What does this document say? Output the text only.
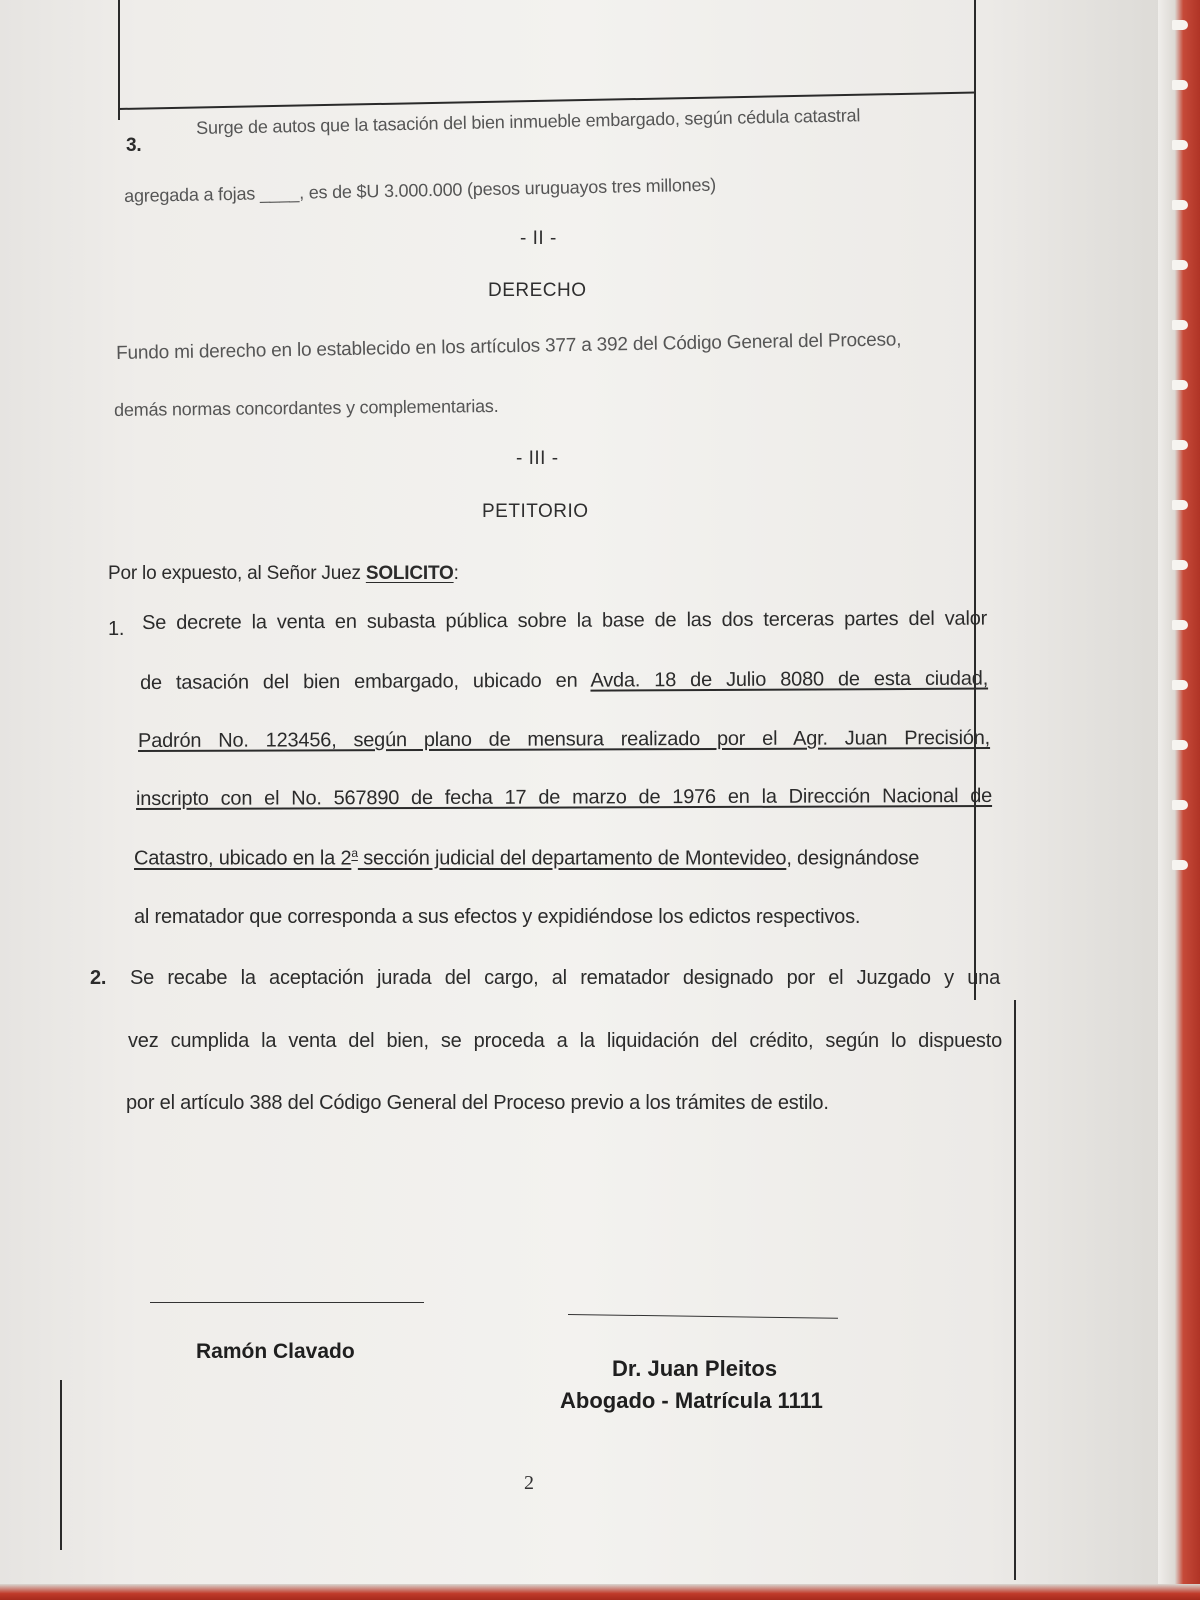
3.

Surge de autos que la tasación del bien inmueble embargado, según cédula catastral

agregada a fojas ____, es de $U 3.000.000 (pesos uruguayos tres millones)

- II -

DERECHO

Fundo mi derecho en lo establecido en los artículos 377 a 392 del Código General del Proceso,

demás normas concordantes y complementarias.

- III -

PETITORIO

Por lo expuesto, al Señor Juez SOLICITO:

1. Se decrete la venta en subasta pública sobre la base de las dos terceras partes del valor

de tasación del bien embargado, ubicado en Avda. 18 de Julio 8080 de esta ciudad,

Padrón No. 123456, según plano de mensura realizado por el Agr. Juan Precisión,

inscripto con el No. 567890 de fecha 17 de marzo de 1976 en la Dirección Nacional de

Catastro, ubicado en la 2$^a$ sección judicial del departamento de Montevideo, designándose

al rematador que corresponda a sus efectos y expidiéndose los edictos respectivos.

2. Se recabe la aceptación jurada del cargo, al rematador designado por el Juzgado y una

vez cumplida la venta del bien, se proceda a la liquidación del crédito, según lo dispuesto

por el artículo 388 del Código General del Proceso previo a los trámites de estilo.

Ramón Clavado
Dr. Juan Pleitos
Abogado - Matrícula 1111
2
